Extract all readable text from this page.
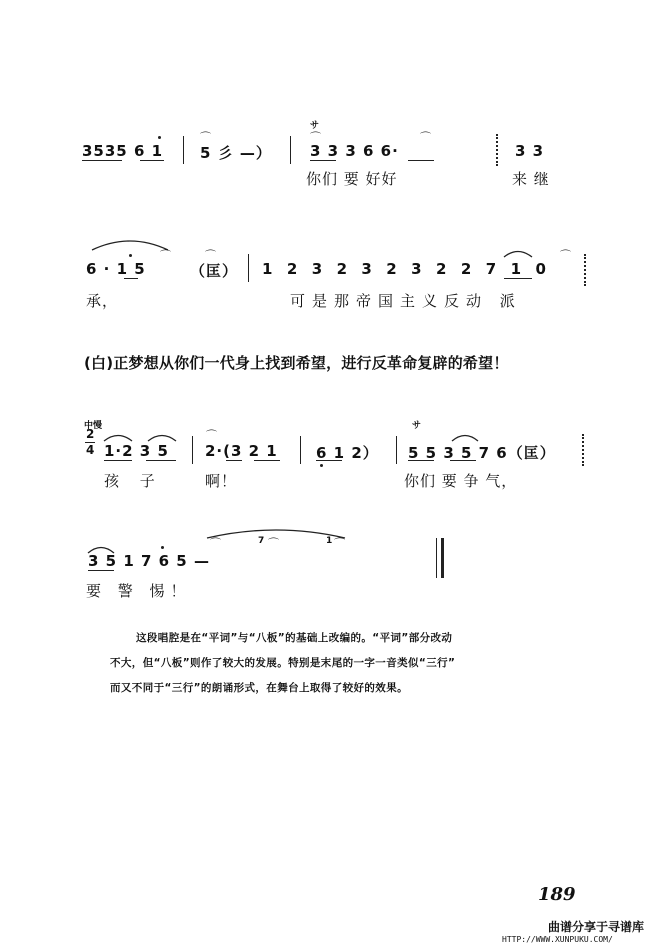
サ
3535 6 1
⌒
5 彡 —）
⌒
3 3 3 6 6·
⌒
3 3
你们 要 好好	来 继
6 · 1 5
⌒
（匡）
⌒
1 2 3 2 3 2 3 2 2 7 1 0
⌒
承，	可是那帝国主义反动 派
(白)正梦想从你们一代身上找到希望，进行反革命复辟的希望！
中慢
2
4 1·2 3 5
⌒
2·(3 2 1	6 1 2）
サ
5 5 3 5 7 6（匡）
孩 子	啊！	你们 要 争 气，
3 5 1 7 6 5 —
⌒	7 ⌒	1 ⌒
要 警 惕！
这段唱腔是在“平词”与“八板”的基础上改编的。“平词”部分改动
不大，但“八板”则作了较大的发展。特别是末尾的一字一音类似“三行”
而又不同于“三行”的朗诵形式，在舞台上取得了较好的效果。
189
曲谱分享于寻谱库
HTTP://WWW.XUNPUKU.COM/
